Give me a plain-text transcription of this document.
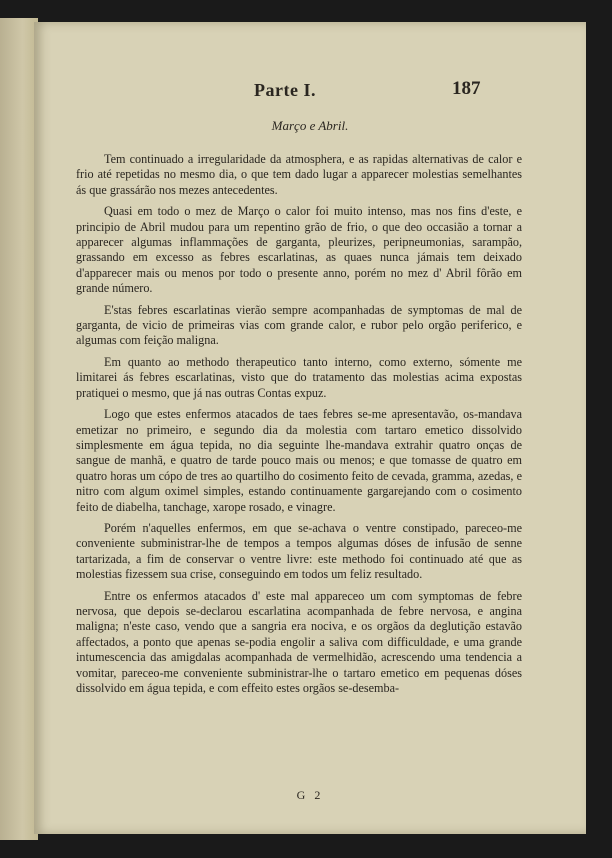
Parte I.	187
Março e Abril.

Tem continuado a irregularidade da atmosphera, e as rapidas alternativas de calor e frio até repetidas no mesmo dia, o que tem dado lugar a apparecer molestias semelhantes ás que grassárão nos mezes antecedentes.

Quasi em todo o mez de Março o calor foi muito intenso, mas nos fins d'este, e principio de Abril mudou para um repentino grão de frio, o que deo occasião a tornar a apparecer algumas inflammações de garganta, pleurizes, peripneumonias, sarampão, grassando em excesso as febres escarlatinas, as quaes nunca jámais tem deixado d'apparecer mais ou menos por todo o presente anno, porém no mez d' Abril fôrão em grande número.

E'stas febres escarlatinas vierão sempre acompanhadas de symptomas de mal de garganta, de vicio de primeiras vias com grande calor, e rubor pelo orgão periferico, e algumas com feição maligna.

Em quanto ao methodo therapeutico tanto interno, como externo, sómente me limitarei ás febres escarlatinas, visto que do tratamento das molestias acima expostas pratiquei o mesmo, que já nas outras Contas expuz.

Logo que estes enfermos atacados de taes febres se-me apresentavão, os-mandava emetizar no primeiro, e segundo dia da molestia com tartaro emetico dissolvido simplesmente em água tepida, no dia seguinte lhe-mandava extrahir quatro onças de sangue de manhã, e quatro de tarde pouco mais ou menos; e que tomasse de quatro em quatro horas um cópo de tres ao quartilho do cosimento feito de cevada, gramma, azedas, e nitro com algum oximel simples, estando continuamente gargarejando com o cosimento feito de diabelha, tanchage, xarope rosado, e vinagre.

Porém n'aquelles enfermos, em que se-achava o ventre constipado, pareceo-me conveniente subministrar-lhe de tempos a tempos algumas dóses de infusão de senne tartarizada, a fim de conservar o ventre livre: este methodo foi continuado até que as molestias fizessem sua crise, conseguindo em todos um feliz resultado.

Entre os enfermos atacados d' este mal appareceo um com symptomas de febre nervosa, que depois se-declarou escarlatina acompanhada de febre nervosa, e angina maligna; n'este caso, vendo que a sangria era nociva, e os orgãos da deglutição estavão affectados, a ponto que apenas se-podia engolir a saliva com difficuldade, e uma grande intumescencia das amigdalas acompanhada de vermelhidão, acrescendo uma tendencia a vomitar, pareceo-me conveniente subministrar-lhe o tartaro emetico em pequenas dóses dissolvido em água tepida, e com effeito estes orgãos se-desemba-

G 2
